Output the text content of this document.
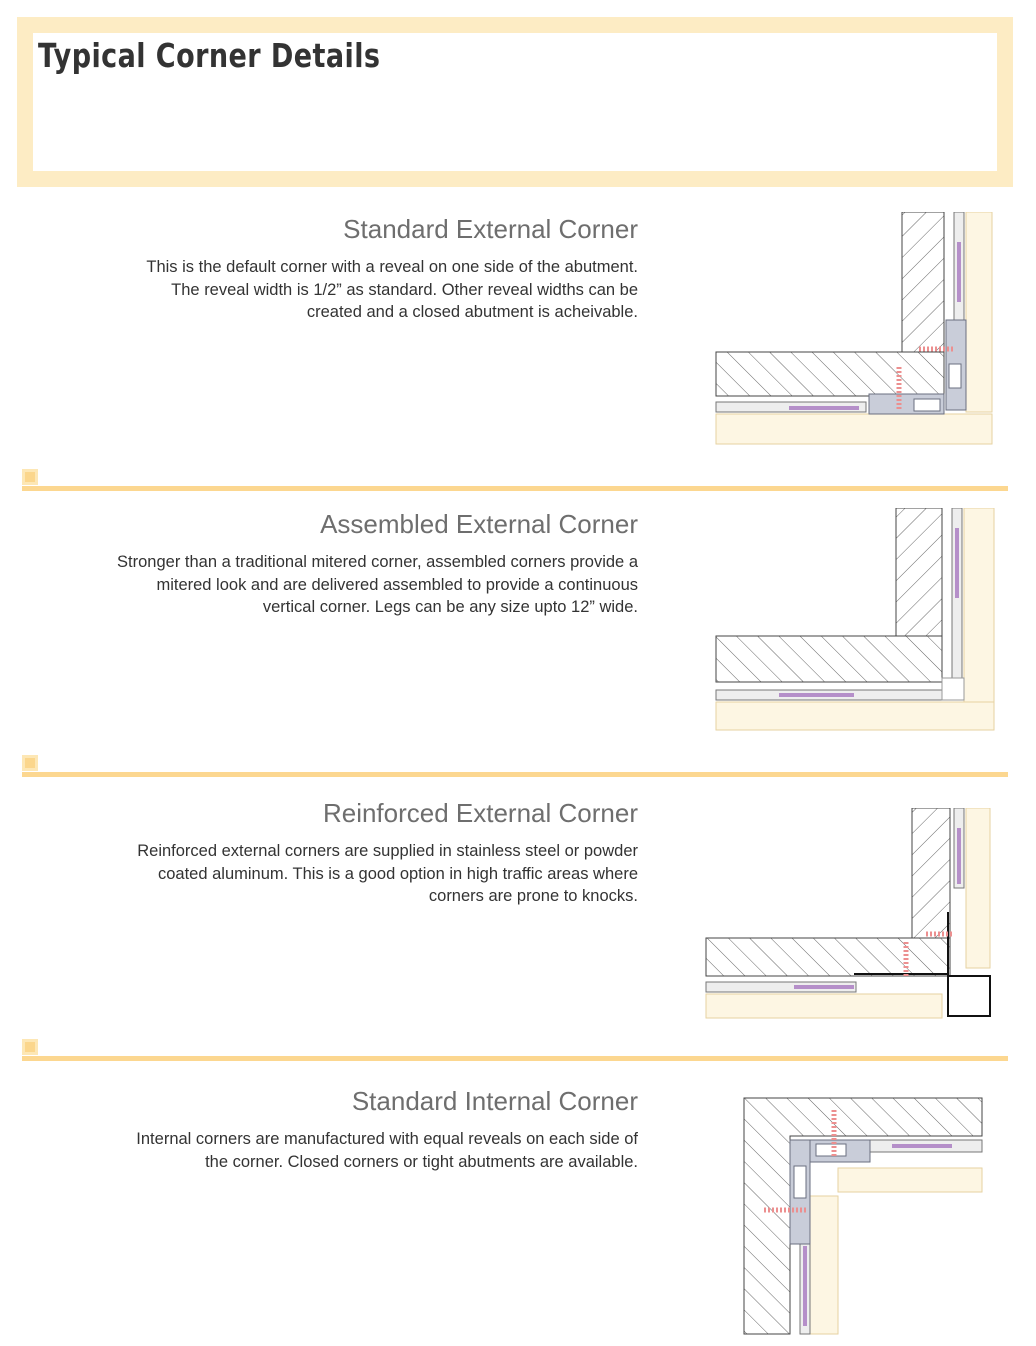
Typical Corner Details
Standard External Corner

This is the default corner with a reveal on one side of the abutment.
The reveal width is 1/2” as standard. Other reveal widths can be
created and a closed abutment is acheivable.

Assembled External Corner

Stronger than a traditional mitered corner, assembled corners provide a
mitered look and are delivered assembled to provide a continuous
vertical corner. Legs can be any size upto 12” wide.

Reinforced External Corner

Reinforced external corners are supplied in stainless steel or powder
coated aluminum. This is a good option in high traffic areas where
corners are prone to knocks.

Standard Internal Corner

Internal corners are manufactured with equal reveals on each side of
the corner. Closed corners or tight abutments are available.
